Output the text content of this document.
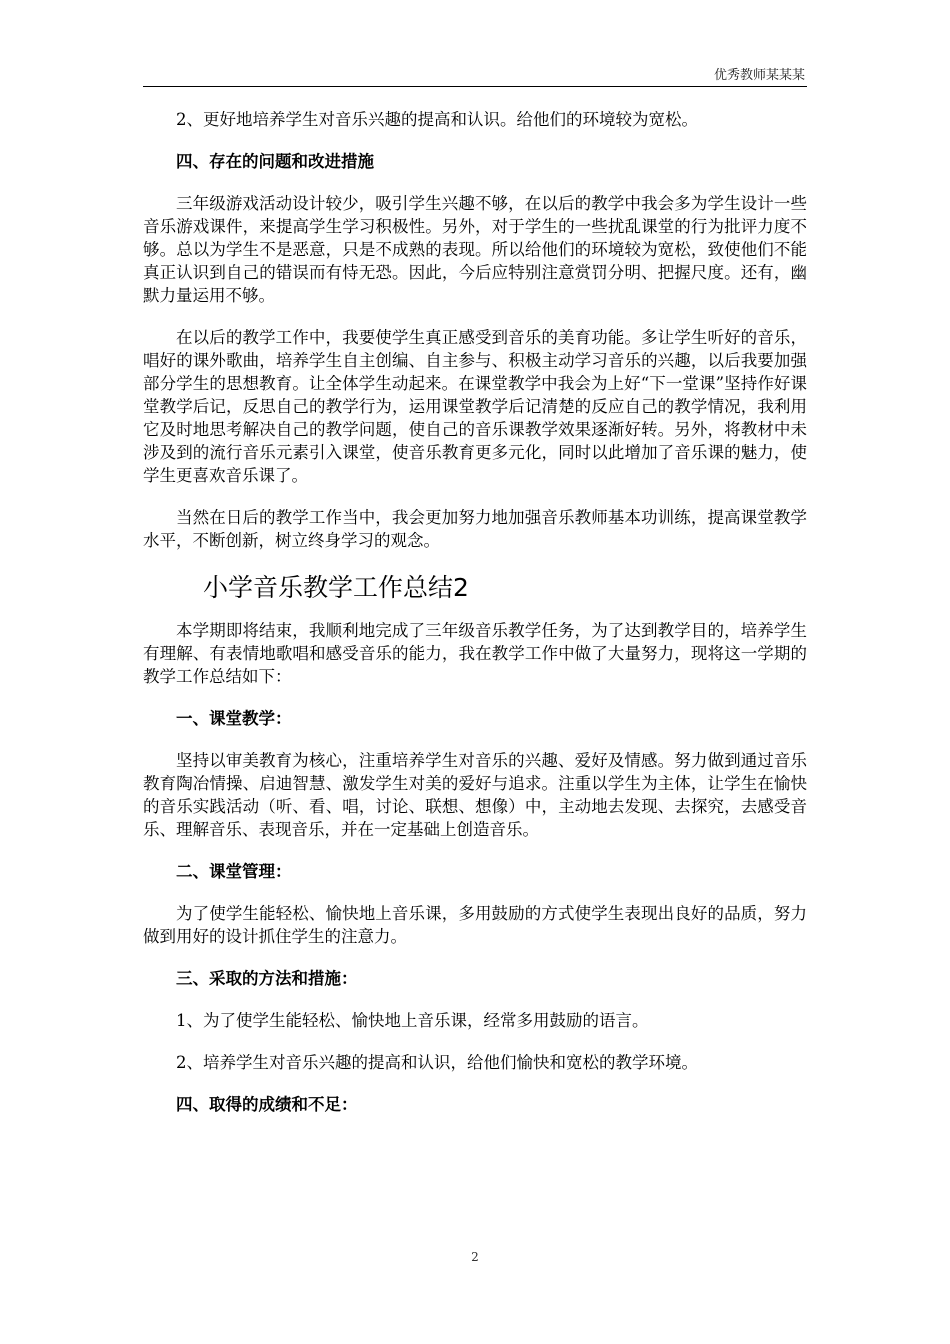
优秀教师某某某

2、更好地培养学生对音乐兴趣的提高和认识。给他们的环境较为宽松。

四、存在的问题和改进措施

三年级游戏活动设计较少，吸引学生兴趣不够，在以后的教学中我会多为学生设计一些音乐游戏课件，来提高学生学习积极性。另外，对于学生的一些扰乱课堂的行为批评力度不够。总以为学生不是恶意，只是不成熟的表现。所以给他们的环境较为宽松，致使他们不能真正认识到自己的错误而有恃无恐。因此，今后应特别注意赏罚分明、把握尺度。还有，幽默力量运用不够。

在以后的教学工作中，我要使学生真正感受到音乐的美育功能。多让学生听好的音乐，唱好的课外歌曲，培养学生自主创编、自主参与、积极主动学习音乐的兴趣，以后我要加强部分学生的思想教育。让全体学生动起来。在课堂教学中我会为上好“下一堂课”坚持作好课堂教学后记，反思自己的教学行为，运用课堂教学后记清楚的反应自己的教学情况，我利用它及时地思考解决自己的教学问题，使自己的音乐课教学效果逐渐好转。另外，将教材中未涉及到的流行音乐元素引入课堂，使音乐教育更多元化，同时以此增加了音乐课的魅力，使学生更喜欢音乐课了。

当然在日后的教学工作当中，我会更加努力地加强音乐教师基本功训练，提高课堂教学水平，不断创新，树立终身学习的观念。

小学音乐教学工作总结2

本学期即将结束，我顺利地完成了三年级音乐教学任务，为了达到教学目的，培养学生有理解、有表情地歌唱和感受音乐的能力，我在教学工作中做了大量努力，现将这一学期的教学工作总结如下：

一、课堂教学：

坚持以审美教育为核心，注重培养学生对音乐的兴趣、爱好及情感。努力做到通过音乐教育陶冶情操、启迪智慧、激发学生对美的爱好与追求。注重以学生为主体，让学生在愉快的音乐实践活动（听、看、唱，讨论、联想、想像）中，主动地去发现、去探究，去感受音乐、理解音乐、表现音乐，并在一定基础上创造音乐。

二、课堂管理：

为了使学生能轻松、愉快地上音乐课，多用鼓励的方式使学生表现出良好的品质，努力做到用好的设计抓住学生的注意力。

三、采取的方法和措施：

1、为了使学生能轻松、愉快地上音乐课，经常多用鼓励的语言。

2、培养学生对音乐兴趣的提高和认识，给他们愉快和宽松的教学环境。

四、取得的成绩和不足：

2
